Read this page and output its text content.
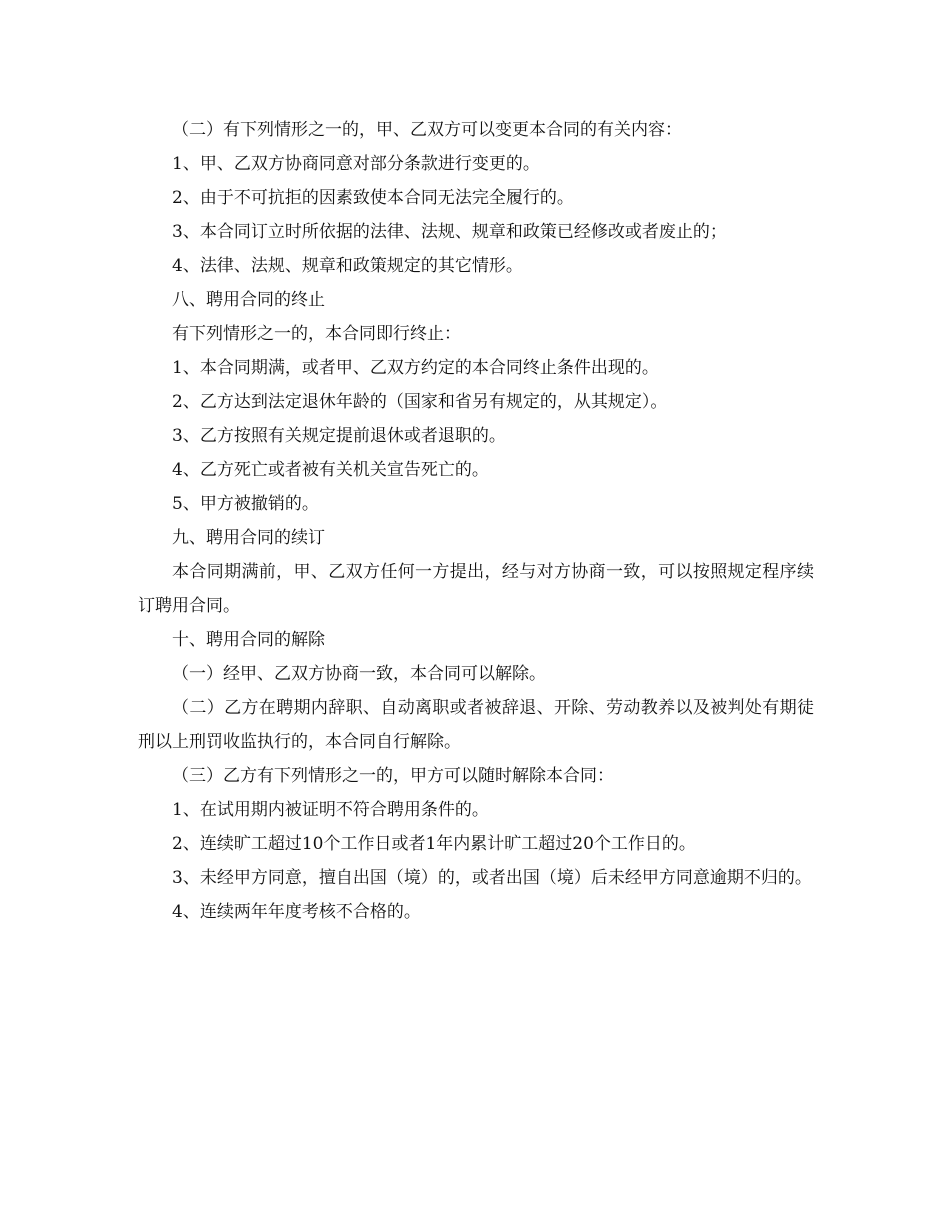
（二）有下列情形之一的，甲、乙双方可以变更本合同的有关内容：

1、甲、乙双方协商同意对部分条款进行变更的。

2、由于不可抗拒的因素致使本合同无法完全履行的。

3、本合同订立时所依据的法律、法规、规章和政策已经修改或者废止的；

4、法律、法规、规章和政策规定的其它情形。

八、聘用合同的终止

有下列情形之一的，本合同即行终止：

1、本合同期满，或者甲、乙双方约定的本合同终止条件出现的。

2、乙方达到法定退休年龄的（国家和省另有规定的，从其规定）。

3、乙方按照有关规定提前退休或者退职的。

4、乙方死亡或者被有关机关宣告死亡的。

5、甲方被撤销的。

九、聘用合同的续订

本合同期满前，甲、乙双方任何一方提出，经与对方协商一致，可以按照规定程序续订聘用合同。

十、聘用合同的解除

（一）经甲、乙双方协商一致，本合同可以解除。

（二）乙方在聘期内辞职、自动离职或者被辞退、开除、劳动教养以及被判处有期徒刑以上刑罚收监执行的，本合同自行解除。

（三）乙方有下列情形之一的，甲方可以随时解除本合同：

1、在试用期内被证明不符合聘用条件的。

2、连续旷工超过10个工作日或者1年内累计旷工超过20个工作日的。

3、未经甲方同意，擅自出国（境）的，或者出国（境）后未经甲方同意逾期不归的。

4、连续两年年度考核不合格的。
